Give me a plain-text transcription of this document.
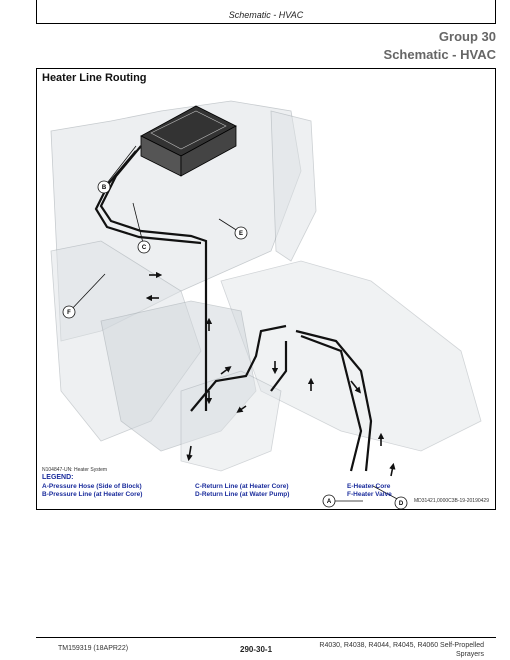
Schematic - HVAC
Group 30
Schematic - HVAC
Heater Line Routing
B
C
E
F
A	D
N104847-UN: Heater System
LEGEND:
A-Pressure Hose (Side of Block)
B-Pressure Line (at Heater Core)
C-Return Line (at Heater Core)
D-Return Line (at Water Pump)
E-Heater Core
F-Heater Valve
MD31421,0000C3B-19-20190429
TM159319 (18APR22)	290-30-1	R4030, R4038, R4044, R4045, R4060 Self-Propelled
Sprayers
